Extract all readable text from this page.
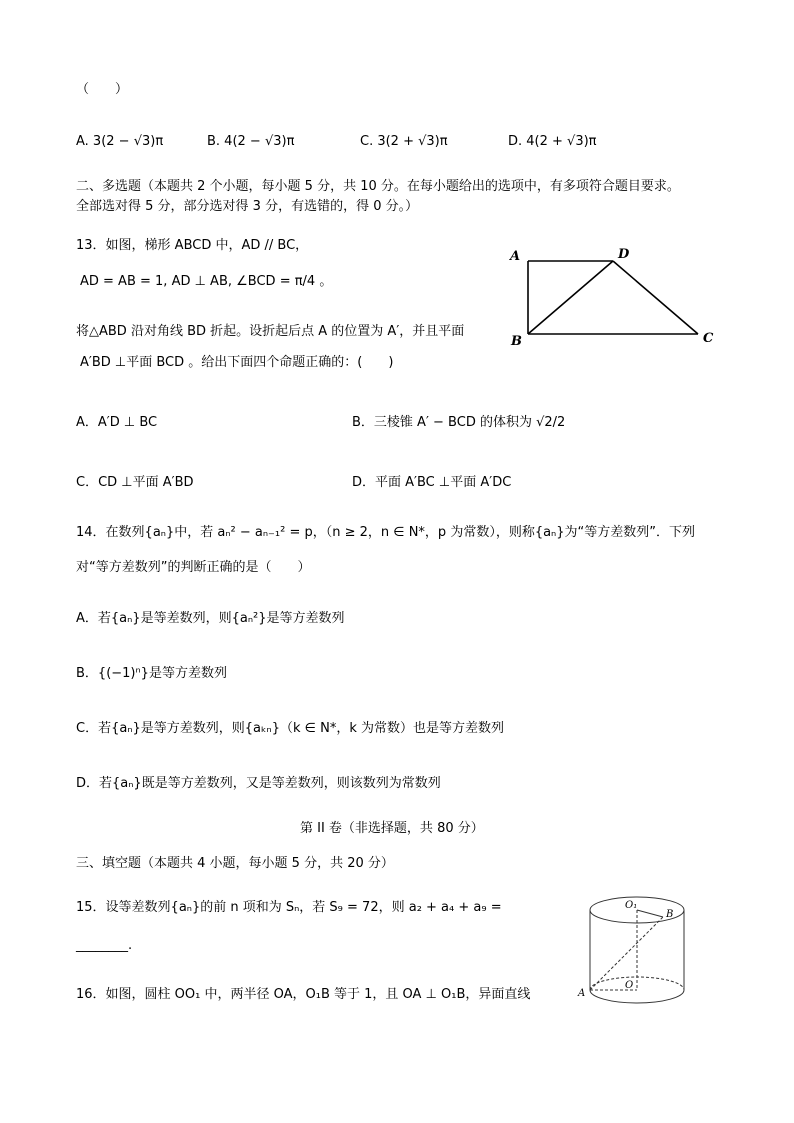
（　　）
A. 3(2 − √3)π	B. 4(2 − √3)π	C. 3(2 + √3)π	D. 4(2 + √3)π
二、多选题（本题共 2 个小题，每小题 5 分，共 10 分。在每小题给出的选项中，有多项符合题目要求。
全部选对得 5 分，部分选对得 3 分，有选错的，得 0 分。）
13．如图，梯形 ABCD 中，AD // BC，
AD = AB = 1, AD ⊥ AB, ∠BCD = π/4 。
将△ABD 沿对角线 BD 折起。设折起后点 A 的位置为 A′，并且平面
A′BD ⊥平面 BCD 。给出下面四个命题正确的：(　　)
A	D
B	C
A．A′D ⊥ BC	B．三棱锥 A′ − BCD 的体积为 √2/2
C．CD ⊥平面 A′BD	D．平面 A′BC ⊥平面 A′DC
14．在数列{aₙ}中，若 aₙ² − aₙ₋₁² = p，（n ≥ 2，n ∈ N*，p 为常数），则称{aₙ}为“等方差数列”．下列
对“等方差数列”的判断正确的是（　　）
A．若{aₙ}是等差数列，则{aₙ²}是等方差数列
B．{(−1)ⁿ}是等方差数列
C．若{aₙ}是等方差数列，则{aₖₙ}（k ∈ N*，k 为常数）也是等方差数列
D．若{aₙ}既是等方差数列，又是等差数列，则该数列为常数列
第 II 卷（非选择题，共 80 分）
三、填空题（本题共 4 小题，每小题 5 分，共 20 分）
15．设等差数列{aₙ}的前 n 项和为 Sₙ，若 S₉ = 72，则 a₂ + a₄ + a₉ =
________.
16．如图，圆柱 OO₁ 中，两半径 OA，O₁B 等于 1，且 OA ⊥ O₁B，异面直线
O₁
B
O
A
